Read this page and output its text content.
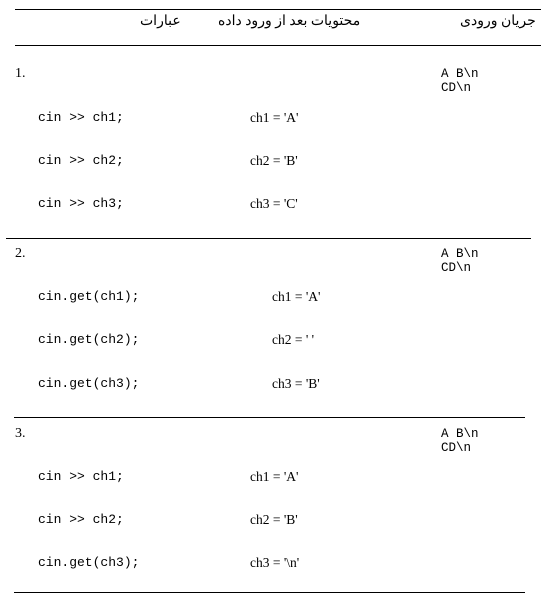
عبارات	محتویات بعد از ورود داده	جریان ورودی
1.	A B\n
CD\n
cin >> ch1;	ch1 = 'A'
cin >> ch2;	ch2 = 'B'
cin >> ch3;	ch3 = 'C'
2.	A B\n
CD\n
cin.get(ch1);	ch1 = 'A'
cin.get(ch2);	ch2 = ' '
cin.get(ch3);	ch3 = 'B'
3.	A B\n
CD\n
cin >> ch1;	ch1 = 'A'
cin >> ch2;	ch2 = 'B'
cin.get(ch3);	ch3 = '\n'
